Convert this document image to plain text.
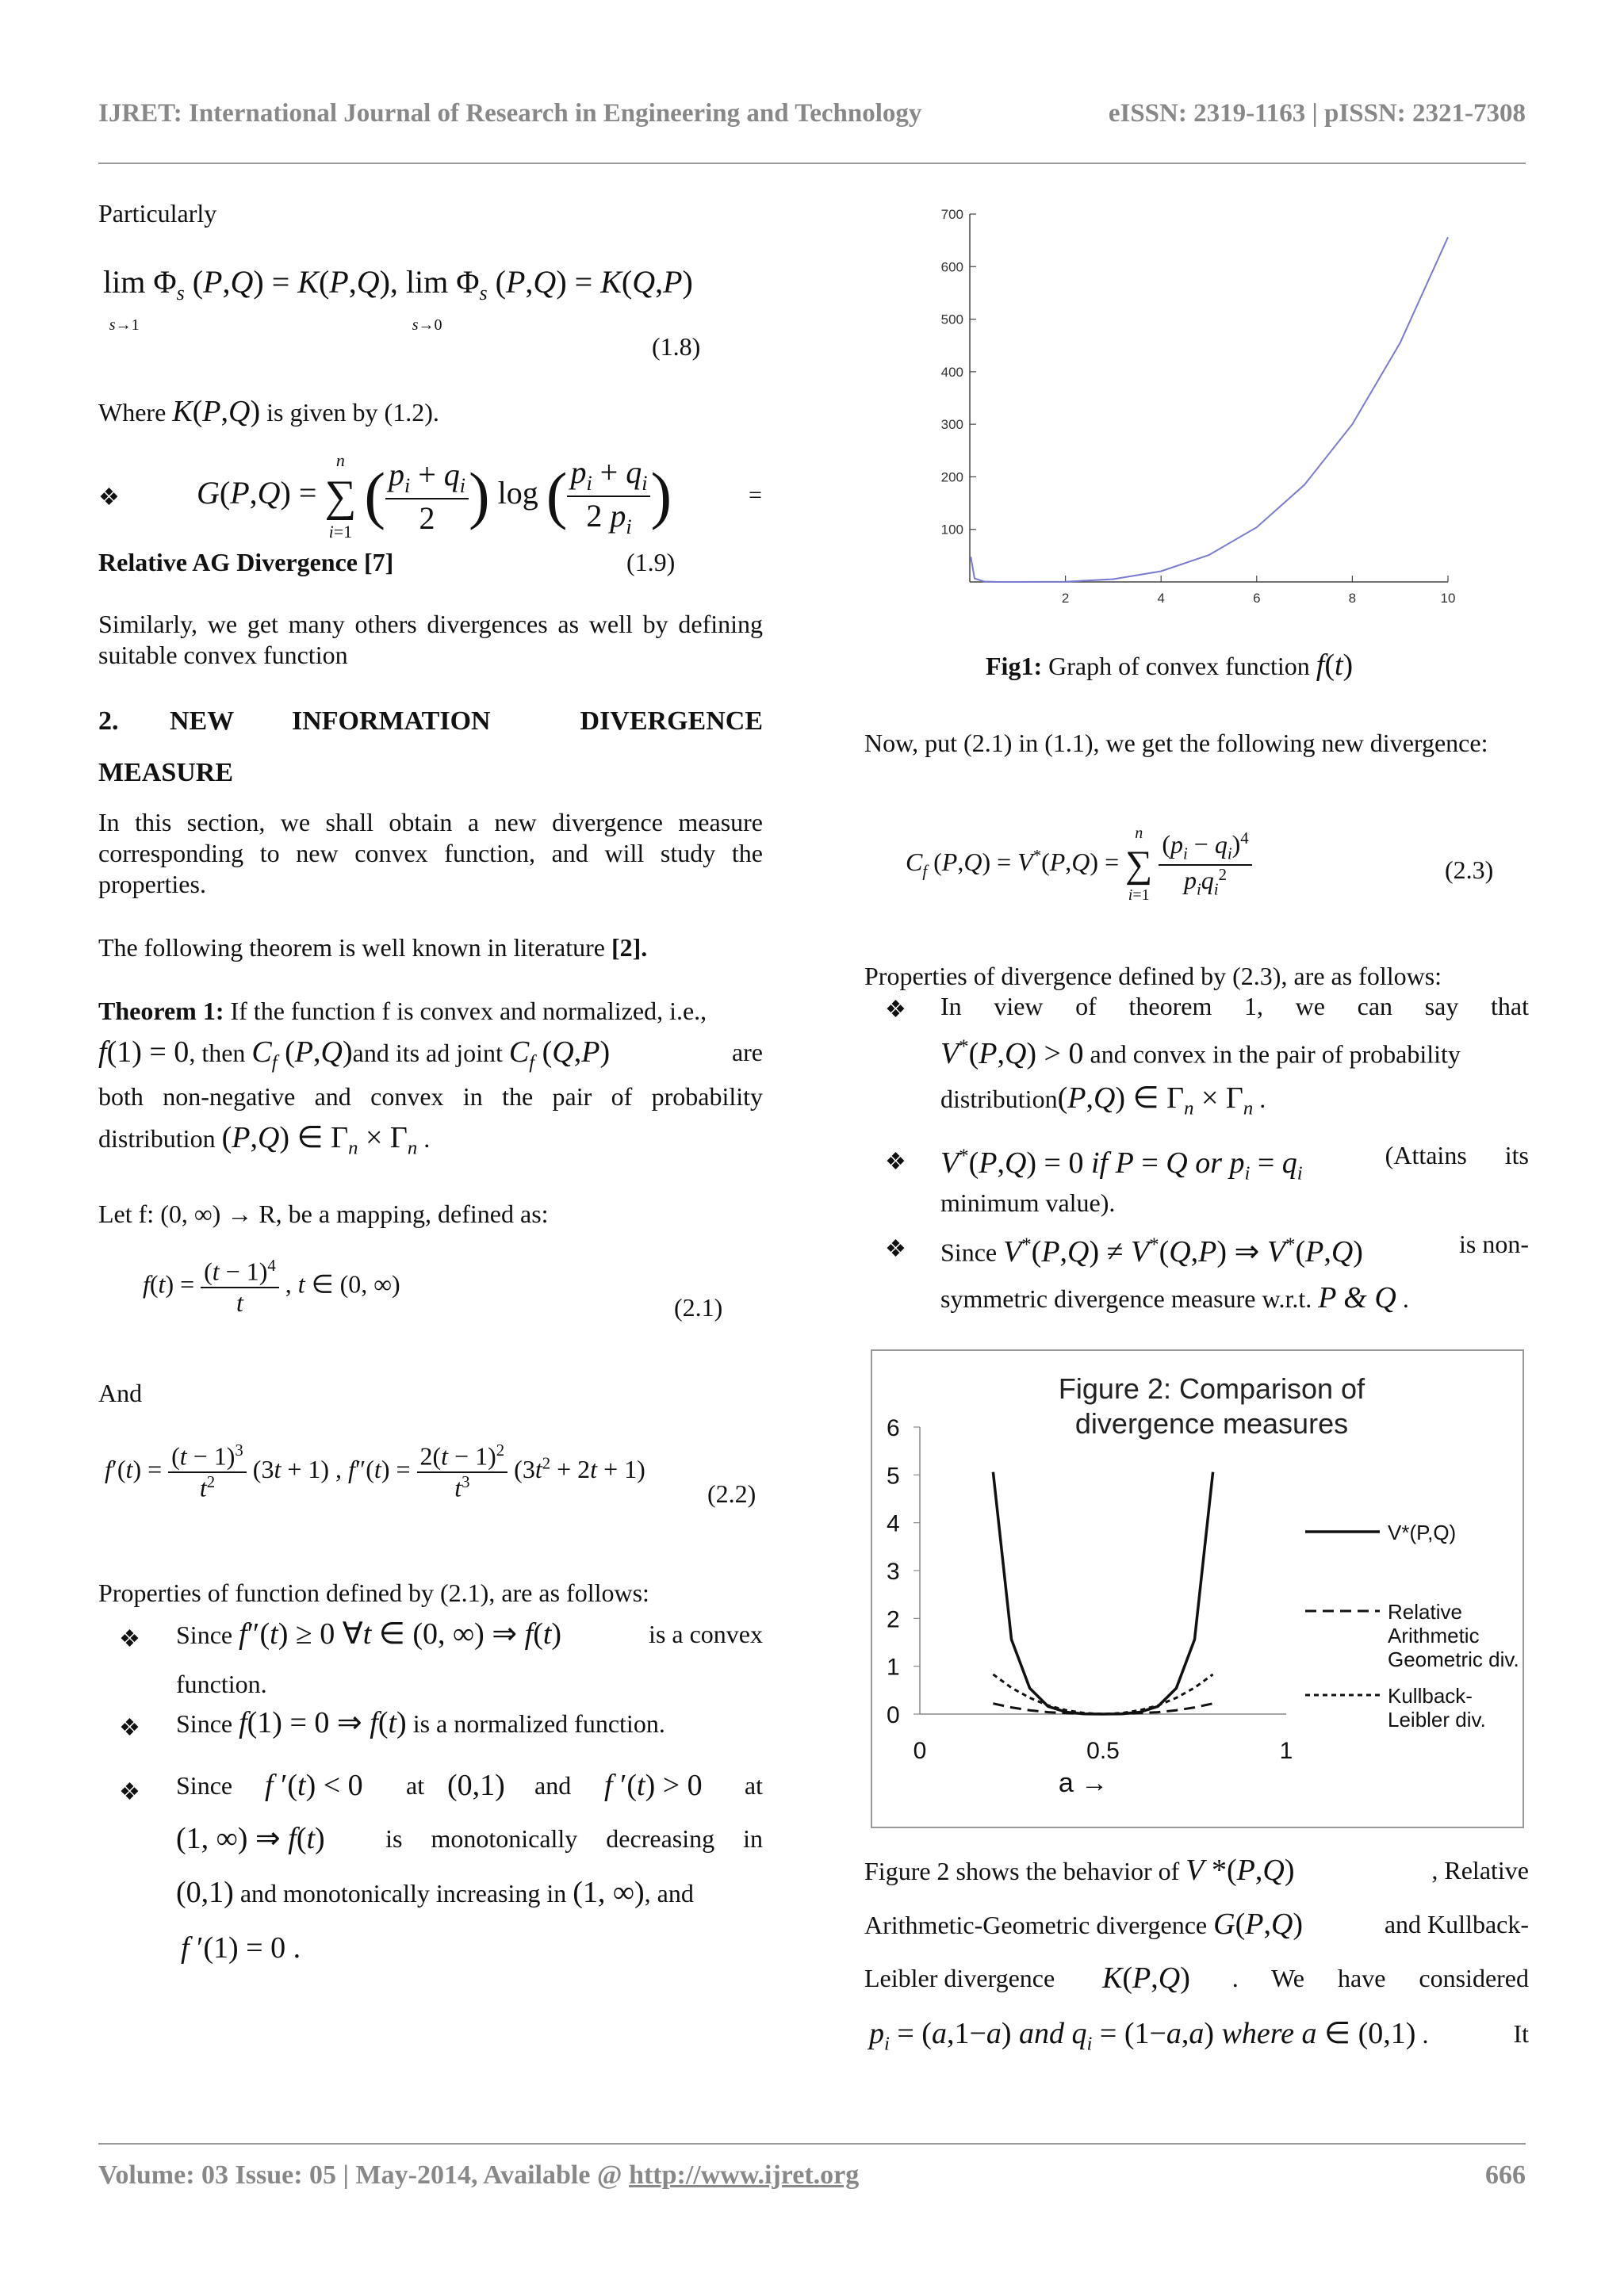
IJRET: International Journal of Research in Engineering and Technology	eISSN: 2319-1163 | pISSN: 2321-7308
Particularly
lim
s→1 $\Phi_s$ (P,Q) = K(P,Q), lim
s→0 $\Phi_s$ (P,Q) = K(Q,P)
(1.8)
Where K(P,Q) is given by (1.2).
❖ G(P,Q) = n
∑
i=1 ( $\frac{p_i + q_i}{2}$ ) log ( $\frac{p_i + q_i}{2 p_i}$ )	=
Relative AG Divergence [7]	(1.9)
Similarly, we get many others divergences as well by defining suitable convex function
2. NEW INFORMATION	DIVERGENCE
MEASURE
In this section, we shall obtain a new divergence measure corresponding to new convex function, and will study the properties.
The following theorem is well known in literature [2].
Theorem 1: If the function f is convex and normalized, i.e.,
f(1) = 0, then $C_f$ (P,Q)and its ad joint $C_f$ (Q,P)	are
both non-negative and convex in the pair of probability
distribution (P,Q) ∈ $\Gamma_n \times \Gamma_n$ .
Let f: (0, ∞) → R, be a mapping, defined as:
$f(t) = \frac{(t - 1)^4}{t}$ , t ∈ (0, ∞)
(2.1)
And
$f'(t) = \frac{(t - 1)^3}{t^2} (3t + 1)$ , $f''(t) = \frac{2(t - 1)^2}{t^3} (3t^2 + 2t + 1)$
(2.2)
Properties of function defined by (2.1), are as follows:
❖ Since f″(t) ≥ 0 ∀t ∈ (0, ∞) ⇒ f(t)	is a convex
function.
❖ Since f(1) = 0 ⇒ f(t) is a normalized function.
❖ Since f ′(t) < 0 at (0,1) and f ′(t) > 0 at
(1, ∞) ⇒ f(t) is monotonically decreasing in
(0,1) and monotonically increasing in (1, ∞), and
f ′(1) = 0 .
100
200
300
400
500
600
700
2	4	6	8	10
Fig1: Graph of convex function f(t)
Now, put (2.1) in (1.1), we get the following new divergence:
$C_f$ (P,Q) = V*(P,Q) = n
∑
$i=1 \frac{(p_i - q_i)^4}{p_iq_i^2}$	(2.3)
Properties of divergence defined by (2.3), are as follows:
❖ In view of theorem 1, we can say that
V*(P,Q) > 0 and convex in the pair of probability
distribution(P,Q) ∈ $\Gamma_n \times \Gamma_n$ .
❖ V*(P,Q) = 0 if P = Q or $p_i = q_i$
(Attains its
minimum value).
❖ Since V*(P,Q) ≠ V*(Q,P) ⇒ V*(P,Q)	is non-
symmetric divergence measure w.r.t. P & Q .
Figure 2: Comparison of
divergence measures
0
1
2
3
4
5
6
0	0.5	1
a →
V*(P,Q)
Relative
Arithmetic
Geometric div.
Kullback-
Leibler div.
Figure 2 shows the behavior of V *(P,Q)	, Relative
Arithmetic-Geometric divergence G(P,Q)	and Kullback-
Leibler divergence K(P,Q) . We have considered
$p_i = (a,1-a)$ and $q_i = (1-a,a)$ where a ∈ (0,1) .	It
Volume: 03 Issue: 05 | May-2014, Available @ http://www.ijret.org	666
